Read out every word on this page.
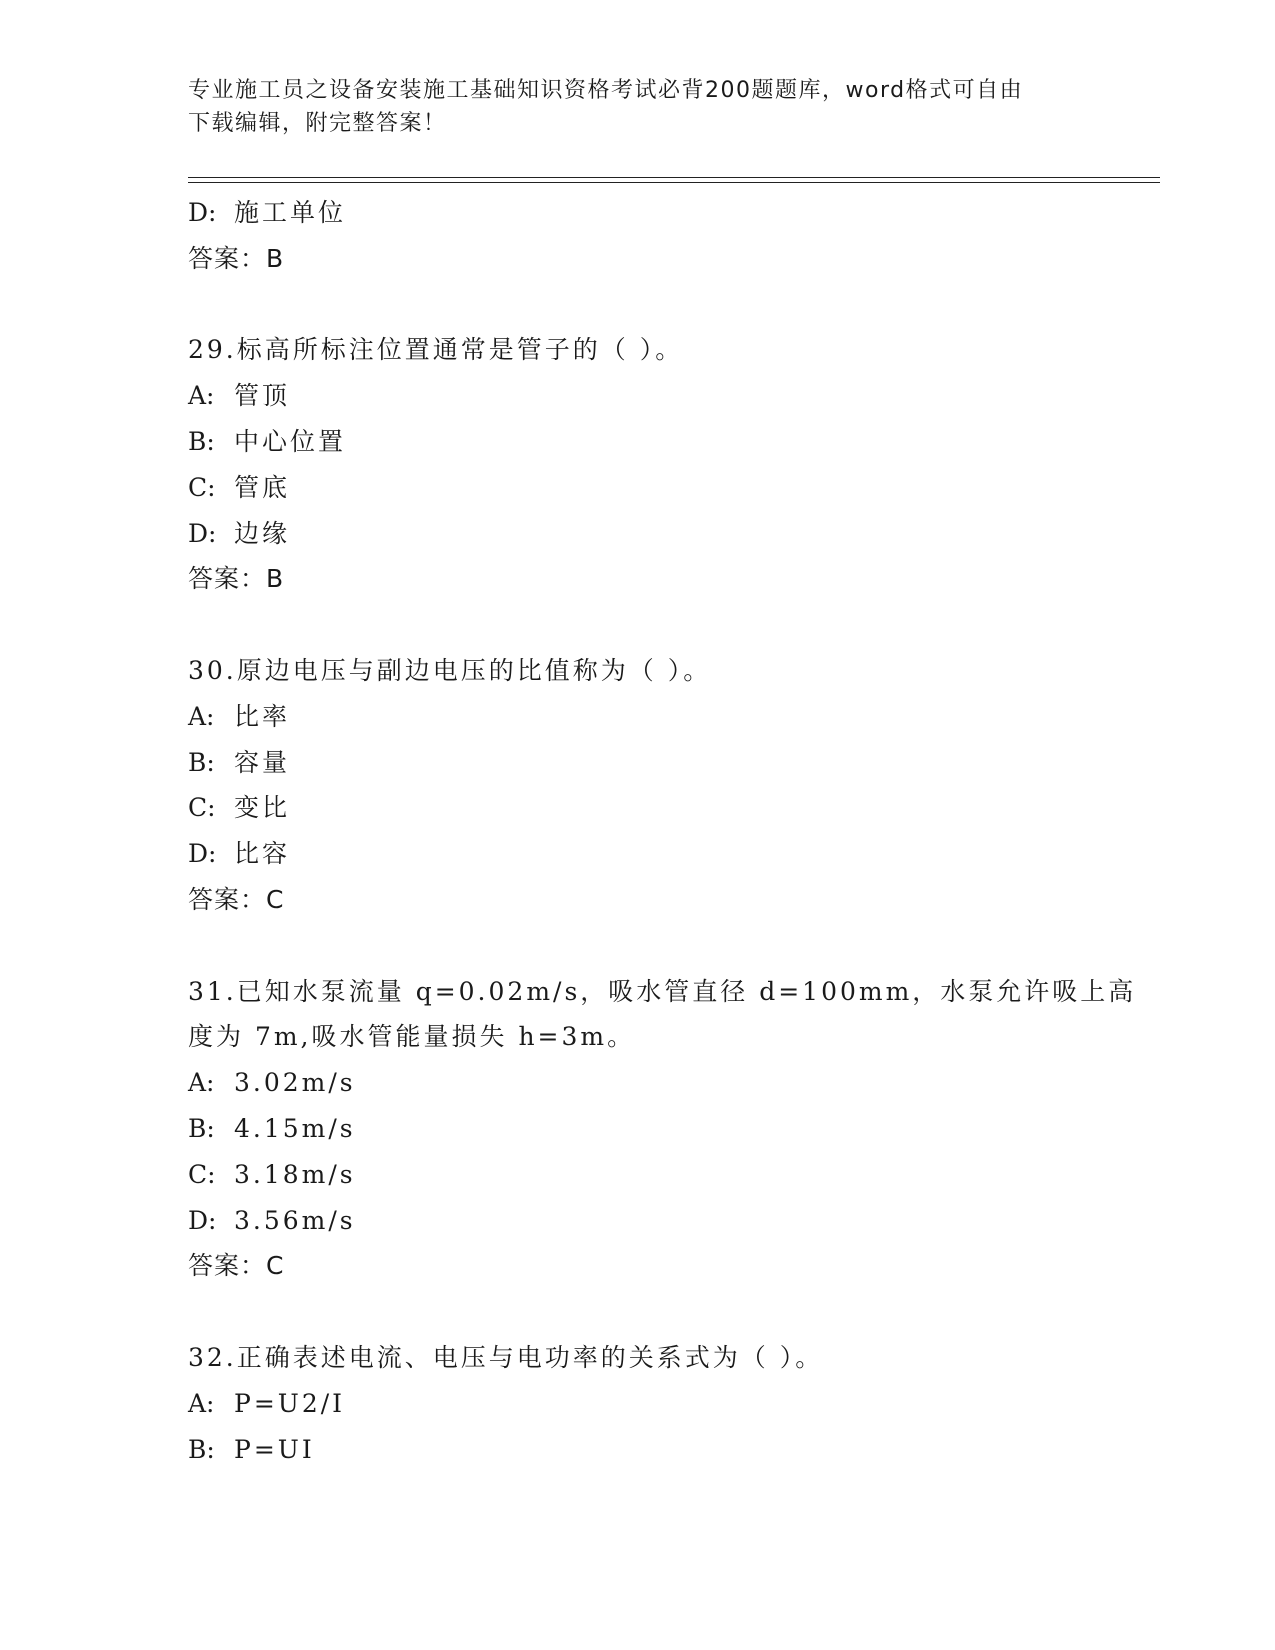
专业施工员之设备安装施工基础知识资格考试必背200题题库，word格式可自由
下载编辑，附完整答案！
D: 施工单位
答案：B
29.标高所标注位置通常是管子的（ ）。
A: 管顶
B: 中心位置
C: 管底
D: 边缘
答案：B
30.原边电压与副边电压的比值称为（ ）。
A: 比率
B: 容量
C: 变比
D: 比容
答案：C
31.已知水泵流量 q=0.02m/s，吸水管直径 d=100mm，水泵允许吸上高
度为 7m,吸水管能量损失 h=3m。
A: 3.02m/s
B: 4.15m/s
C: 3.18m/s
D: 3.56m/s
答案：C
32.正确表述电流、电压与电功率的关系式为（ ）。
A: P=U2/I
B: P=UI
